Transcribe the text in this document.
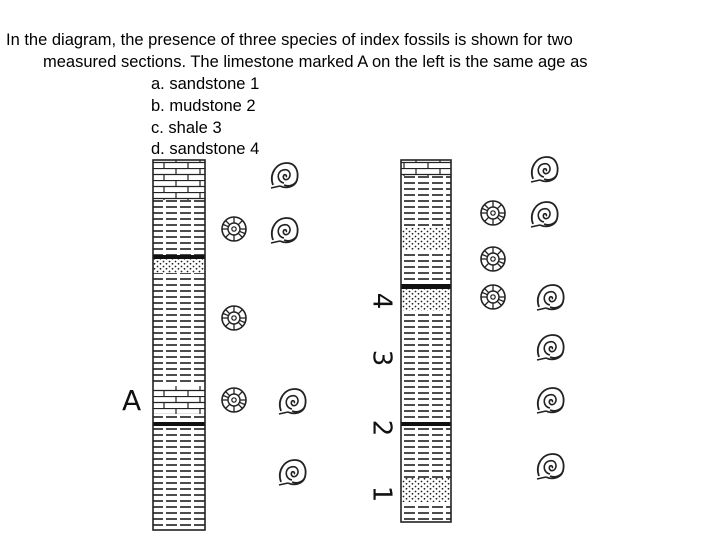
In the diagram, the presence of three species of index fossils is shown for two
measured sections. The limestone marked A on the left is the same age as
a. sandstone 1
b. mudstone 2
c. shale 3
d. sandstone 4
A
4
3
2
1
